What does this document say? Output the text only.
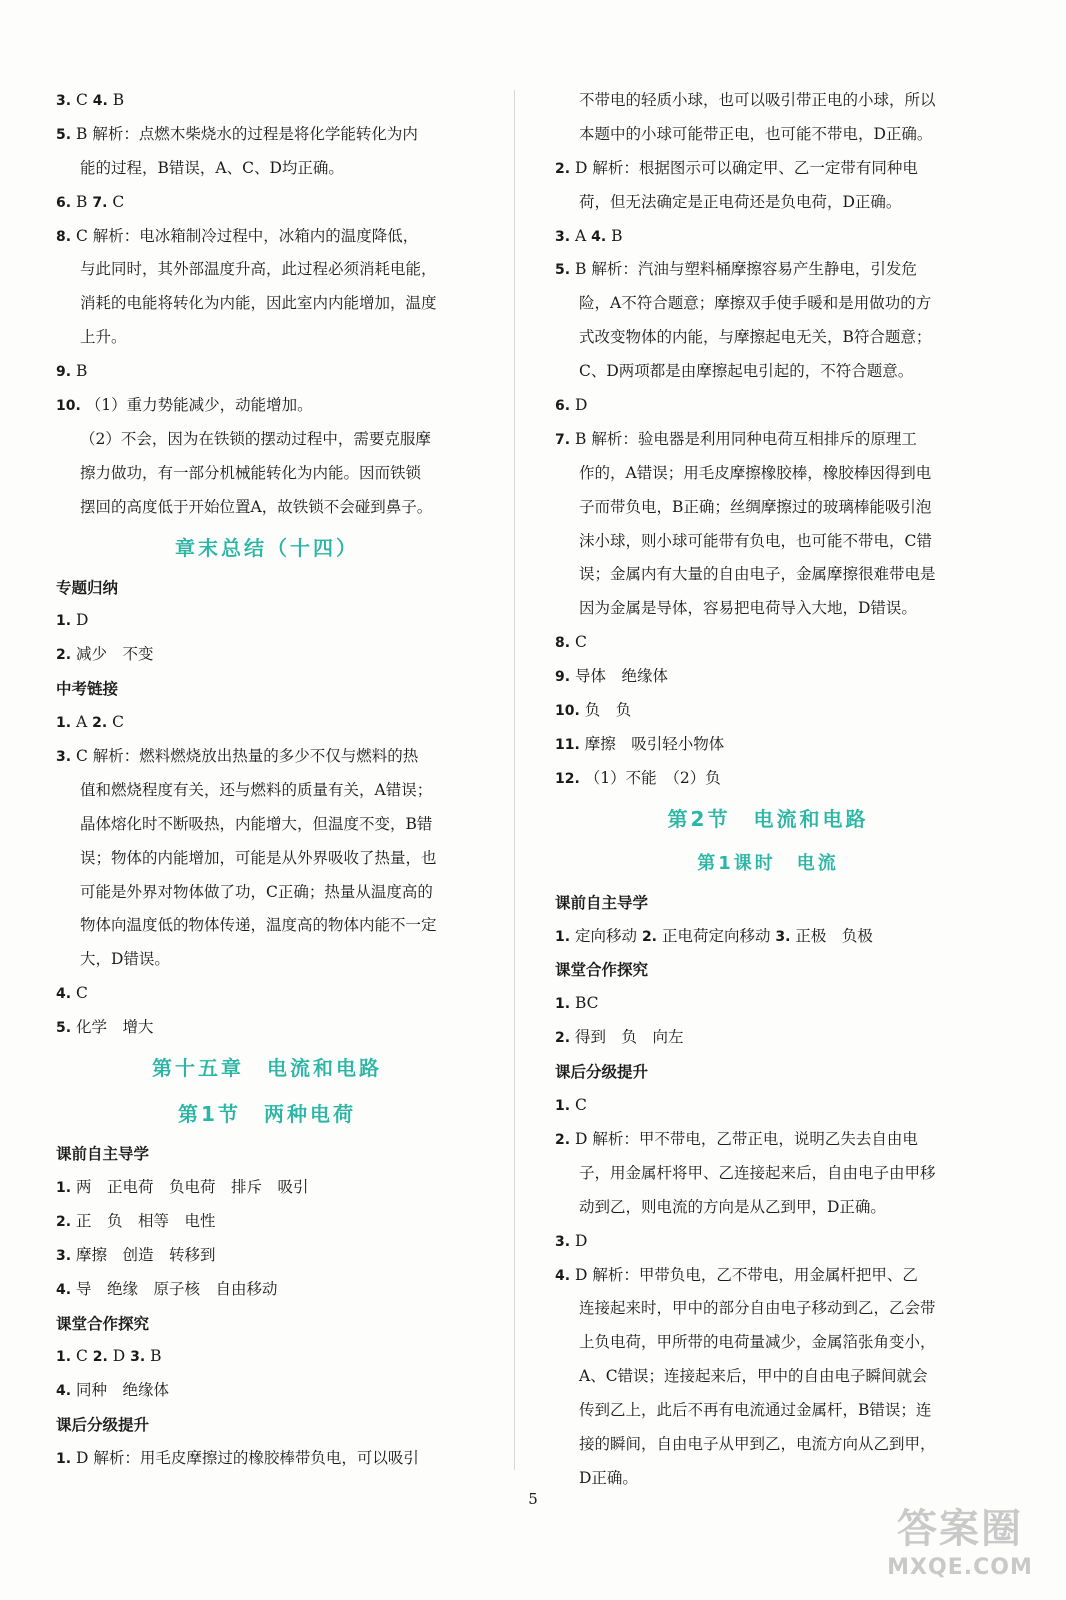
3. C 4. B
5. B 解析：点燃木柴烧水的过程是将化学能转化为内
能的过程，B错误，A、C、D均正确。
6. B 7. C
8. C 解析：电冰箱制冷过程中，冰箱内的温度降低，
与此同时，其外部温度升高，此过程必须消耗电能，
消耗的电能将转化为内能，因此室内内能增加，温度
上升。
9. B
10. （1）重力势能减少，动能增加。
（2）不会，因为在铁锁的摆动过程中，需要克服摩
擦力做功，有一部分机械能转化为内能。因而铁锁
摆回的高度低于开始位置A，故铁锁不会碰到鼻子。
章末总结（十四）
专题归纳
1. D
2. 减少　不变
中考链接
1. A 2. C
3. C 解析：燃料燃烧放出热量的多少不仅与燃料的热
值和燃烧程度有关，还与燃料的质量有关，A错误；
晶体熔化时不断吸热，内能增大，但温度不变，B错
误；物体的内能增加，可能是从外界吸收了热量，也
可能是外界对物体做了功，C正确；热量从温度高的
物体向温度低的物体传递，温度高的物体内能不一定
大，D错误。
4. C
5. 化学　增大
第十五章　电流和电路
第1节　两种电荷
课前自主导学
1. 两　正电荷　负电荷　排斥　吸引
2. 正　负　相等　电性
3. 摩擦　创造　转移到
4. 导　绝缘　原子核　自由移动
课堂合作探究
1. C 2. D 3. B
4. 同种　绝缘体
课后分级提升
1. D 解析：用毛皮摩擦过的橡胶棒带负电，可以吸引
不带电的轻质小球，也可以吸引带正电的小球，所以
本题中的小球可能带正电，也可能不带电，D正确。
2. D 解析：根据图示可以确定甲、乙一定带有同种电
荷，但无法确定是正电荷还是负电荷，D正确。
3. A 4. B
5. B 解析：汽油与塑料桶摩擦容易产生静电，引发危
险，A不符合题意；摩擦双手使手暖和是用做功的方
式改变物体的内能，与摩擦起电无关，B符合题意；
C、D两项都是由摩擦起电引起的，不符合题意。
6. D
7. B 解析：验电器是利用同种电荷互相排斥的原理工
作的，A错误；用毛皮摩擦橡胶棒，橡胶棒因得到电
子而带负电，B正确；丝绸摩擦过的玻璃棒能吸引泡
沫小球，则小球可能带有负电，也可能不带电，C错
误；金属内有大量的自由电子，金属摩擦很难带电是
因为金属是导体，容易把电荷导入大地，D错误。
8. C
9. 导体　绝缘体
10. 负　负
11. 摩擦　吸引轻小物体
12. （1）不能　（2）负
第2节　电流和电路
第1课时　电流
课前自主导学
1. 定向移动 2. 正电荷定向移动 3. 正极　负极
课堂合作探究
1. BC
2. 得到　负　向左
课后分级提升
1. C
2. D 解析：甲不带电，乙带正电，说明乙失去自由电
子，用金属杆将甲、乙连接起来后，自由电子由甲移
动到乙，则电流的方向是从乙到甲，D正确。
3. D
4. D 解析：甲带负电，乙不带电，用金属杆把甲、乙
连接起来时，甲中的部分自由电子移动到乙，乙会带
上负电荷，甲所带的电荷量减少，金属箔张角变小，
A、C错误；连接起来后，甲中的自由电子瞬间就会
传到乙上，此后不再有电流通过金属杆，B错误；连
接的瞬间，自由电子从甲到乙，电流方向从乙到甲，
D正确。
5
答案圈
MXQE.COM
